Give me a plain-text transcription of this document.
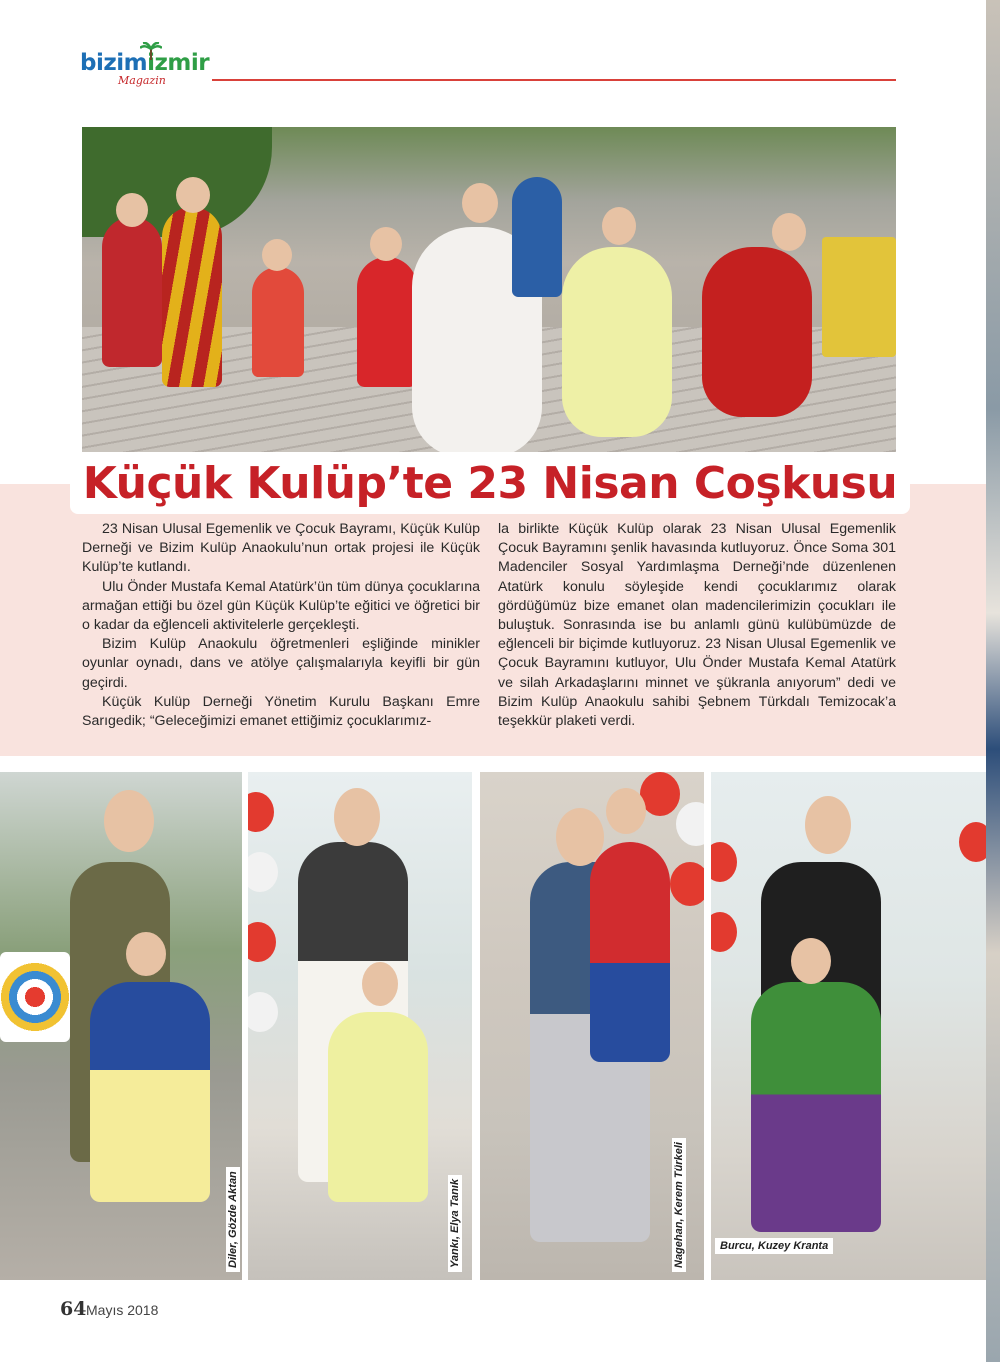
bizimizmir
Magazin
Küçük Kulüp’te 23 Nisan Coşkusu

23 Nisan Ulusal Egemenlik ve Çocuk Bayramı, Küçük Kulüp Derneği ve Bizim Kulüp Anaokulu’nun ortak projesi ile Küçük Kulüp’te kutlandı.

Ulu Önder Mustafa Kemal Atatürk’ün tüm dünya çocuklarına armağan ettiği bu özel gün Küçük Kulüp’te eğitici ve öğretici bir o kadar da eğlenceli aktivitelerle gerçekleşti.

Bizim Kulüp Anaokulu öğretmenleri eşliğinde minikler oyunlar oynadı, dans ve atölye çalışmalarıyla keyifli bir gün geçirdi.

Küçük Kulüp Derneği Yönetim Kurulu Başkanı Emre Sarıgedik; “Geleceğimizi emanet ettiğimiz çocuklarımız-

la birlikte Küçük Kulüp olarak 23 Nisan Ulusal Egemenlik Çocuk Bayramını şenlik havasında kutluyoruz. Önce Soma 301 Madenciler Sosyal Yardımlaşma Derneği’nde düzenlenen Atatürk konulu söyleşide kendi çocuklarımız olarak gördüğümüz bize emanet olan madencilerimizin çocukları ile buluştuk. Sonrasında ise bu anlamlı günü kulübümüzde de eğlenceli bir biçimde kutluyoruz. 23 Nisan Ulusal Egemenlik ve Çocuk Bayramını kutluyor, Ulu Önder Mustafa Kemal Atatürk ve silah Arkadaşlarını minnet ve şükranla anıyorum” dedi ve Bizim Kulüp Anaokulu sahibi Şebnem Türkdalı Temizocak’a teşekkür plaketi verdi.

Diler, Gözde Aktan	Yankı, Elya Tanık	Nagehan, Kerem Türkeli	Burcu, Kuzey Kranta
64 Mayıs 2018
